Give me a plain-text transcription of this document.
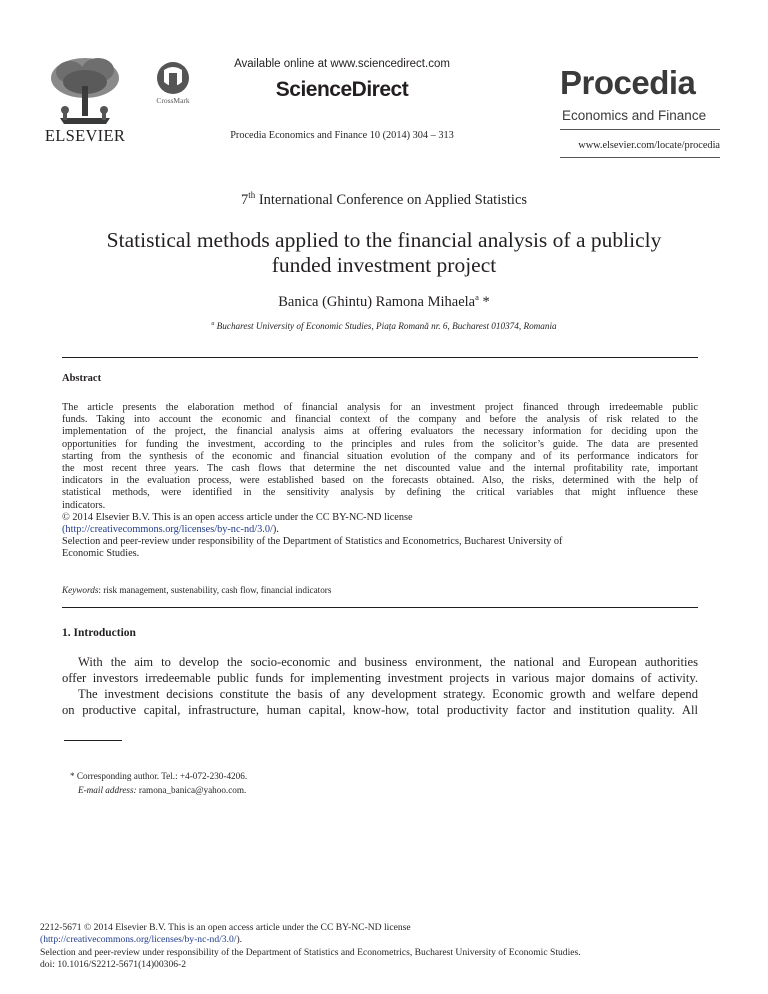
ELSEVIER
CrossMark
Available online at www.sciencedirect.com
ScienceDirect
Procedia Economics and Finance 10 (2014) 304 – 313
Procedia
Economics and Finance
www.elsevier.com/locate/procedia
7th International Conference on Applied Statistics
Statistical methods applied to the financial analysis of a publicly
funded investment project
Banica (Ghintu) Ramona Mihaela$^a$ *
$^a$ Bucharest University of Economic Studies, Piața Romană nr. 6, Bucharest 010374, Romania
Abstract
The article presents the elaboration method of financial analysis for an investment project financed through irredeemable public
funds. Taking into account the economic and financial context of the company and before the analysis of risk related to the
implementation of the project, the financial analysis aims at offering evaluators the necessary information for deciding upon the
opportunities for funding the investment, according to the principles and rules from the solicitor’s guide. The data are presented
starting from the synthesis of the economic and financial situation evolution of the company and of its performance indicators for
the most recent three years. The cash flows that determine the net discounted value and the internal profitability rate, important
indicators in the evaluation process, were established based on the forecasts obtained. Also, the risks, determined with the help of
statistical methods, were identified in the sensitivity analysis by defining the critical variables that might influence these
indicators.
© 2014 Elsevier B.V. This is an open access article under the CC BY-NC-ND license
(http://creativecommons.org/licenses/by-nc-nd/3.0/).
Selection and peer-review under responsibility of the Department of Statistics and Econometrics, Bucharest University of
Economic Studies.
Keywords: risk management, sustenability, cash flow, financial indicators
1. Introduction
With the aim to develop the socio-economic and business environment, the national and European authorities
offer investors irredeemable public funds for implementing investment projects in various major domains of activity.
The investment decisions constitute the basis of any development strategy. Economic growth and welfare depend
on productive capital, infrastructure, human capital, know-how, total productivity factor and institution quality. All
* Corresponding author. Tel.: +4-072-230-4206.
E-mail address: ramona_banica@yahoo.com.
2212-5671 © 2014 Elsevier B.V. This is an open access article under the CC BY-NC-ND license
(http://creativecommons.org/licenses/by-nc-nd/3.0/).
Selection and peer-review under responsibility of the Department of Statistics and Econometrics, Bucharest University of Economic Studies.
doi: 10.1016/S2212-5671(14)00306-2
